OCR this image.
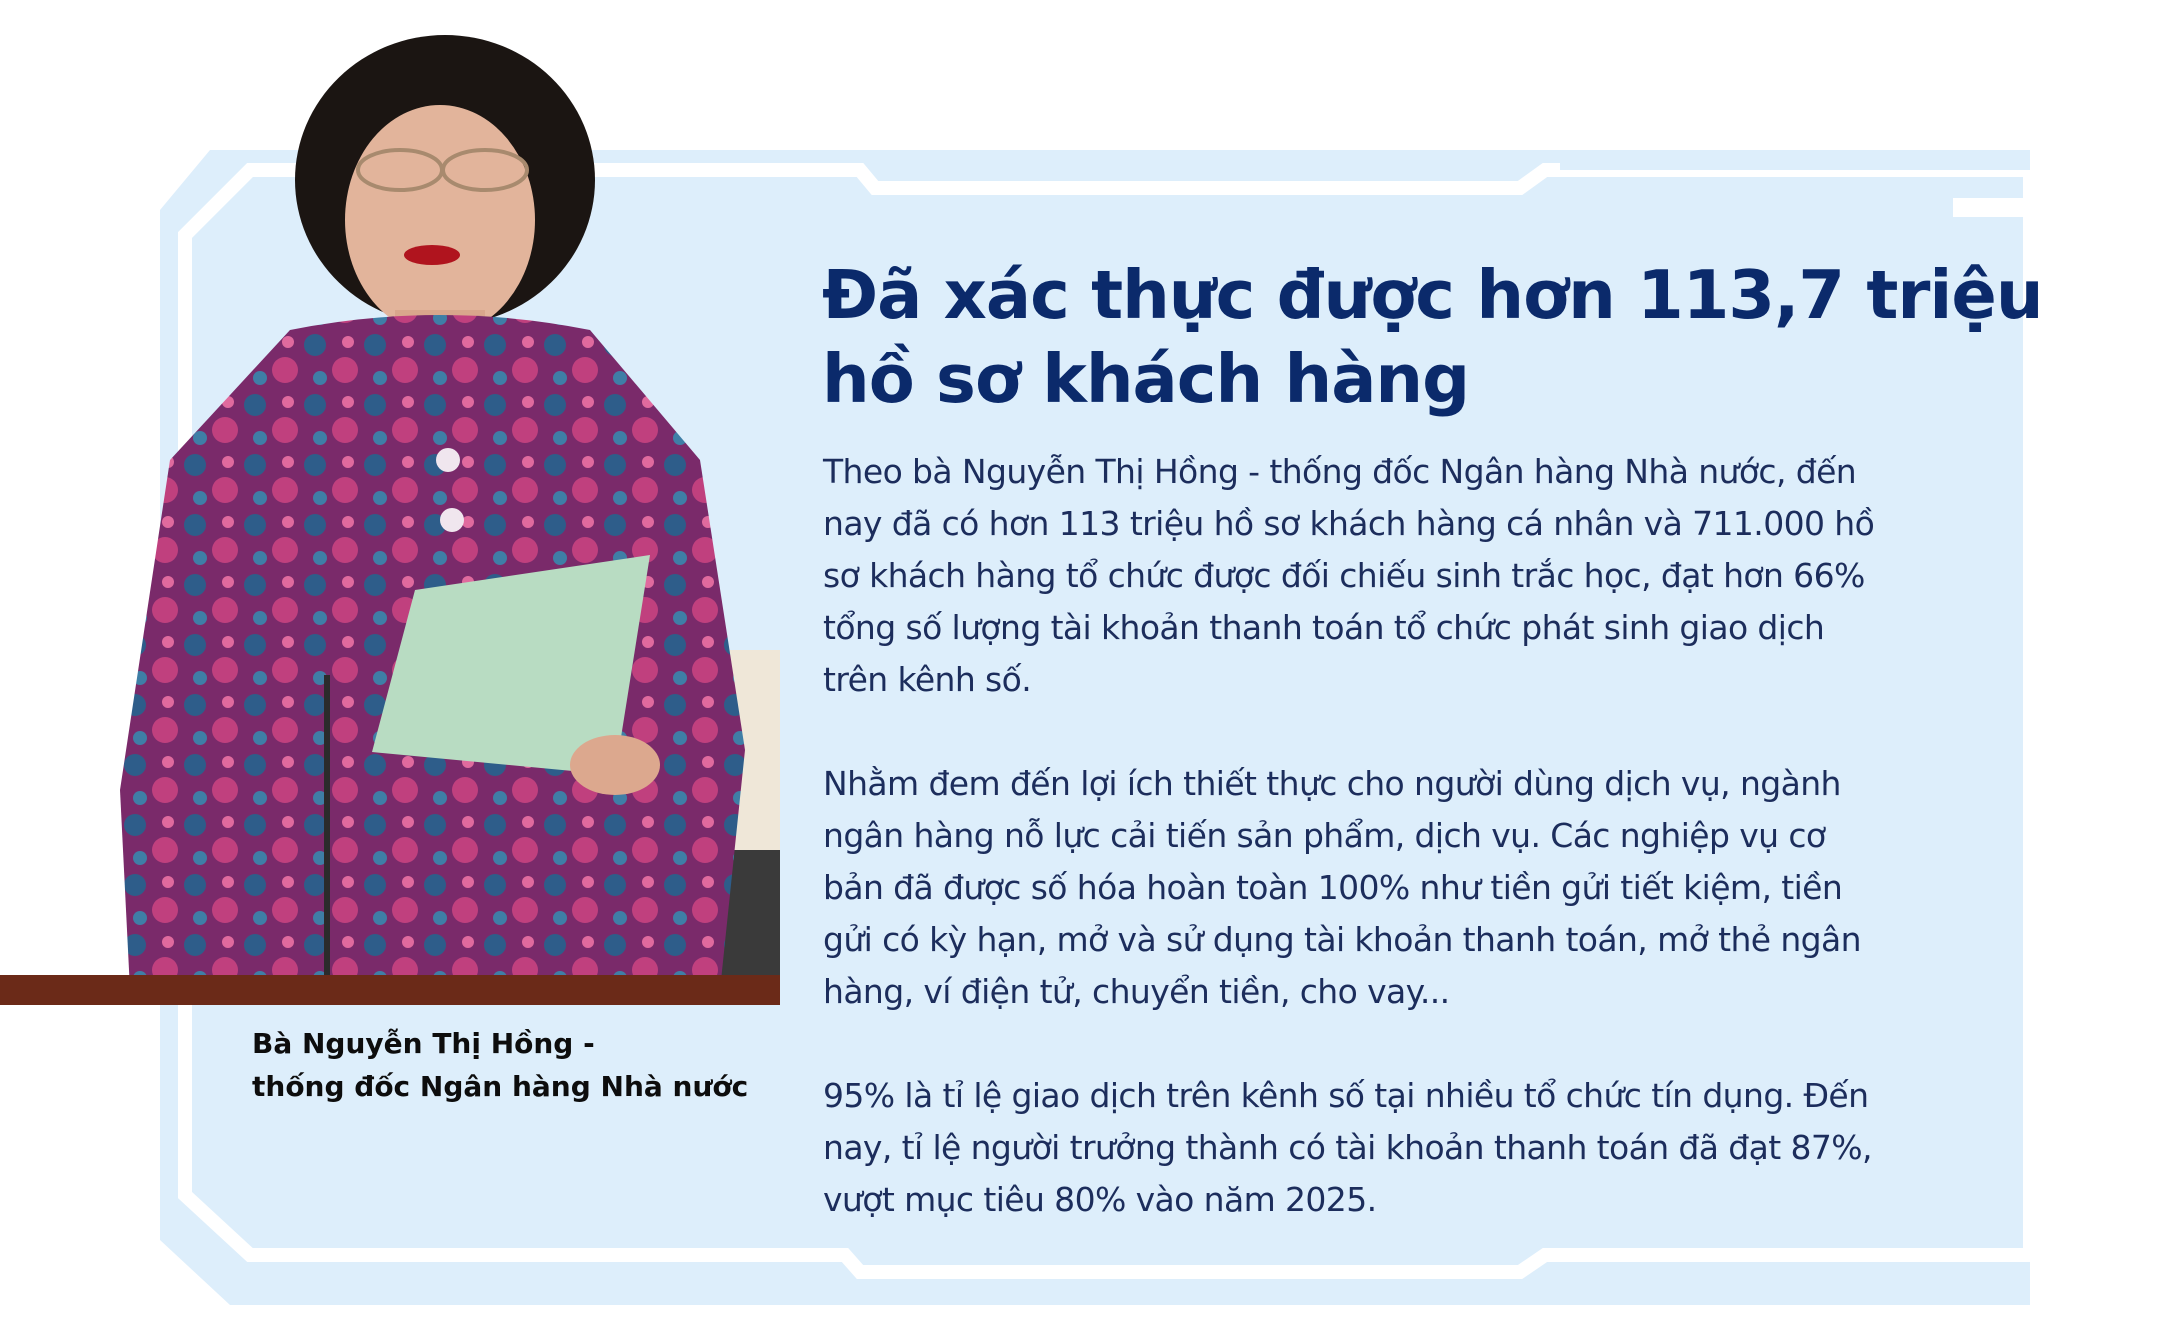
Bà Nguyễn Thị Hồng -
thống đốc Ngân hàng Nhà nước
Đã xác thực được hơn 113,7 triệu
hồ sơ khách hàng
Theo bà Nguyễn Thị Hồng - thống đốc Ngân hàng Nhà nước, đến
nay đã có hơn 113 triệu hồ sơ khách hàng cá nhân và 711.000 hồ
sơ khách hàng tổ chức được đối chiếu sinh trắc học, đạt hơn 66%
tổng số lượng tài khoản thanh toán tổ chức phát sinh giao dịch
trên kênh số.
Nhằm đem đến lợi ích thiết thực cho người dùng dịch vụ, ngành
ngân hàng nỗ lực cải tiến sản phẩm, dịch vụ. Các nghiệp vụ cơ
bản đã được số hóa hoàn toàn 100% như tiền gửi tiết kiệm, tiền
gửi có kỳ hạn, mở và sử dụng tài khoản thanh toán, mở thẻ ngân
hàng, ví điện tử, chuyển tiền, cho vay...
95% là tỉ lệ giao dịch trên kênh số tại nhiều tổ chức tín dụng. Đến
nay, tỉ lệ người trưởng thành có tài khoản thanh toán đã đạt 87%,
vượt mục tiêu 80% vào năm 2025.
